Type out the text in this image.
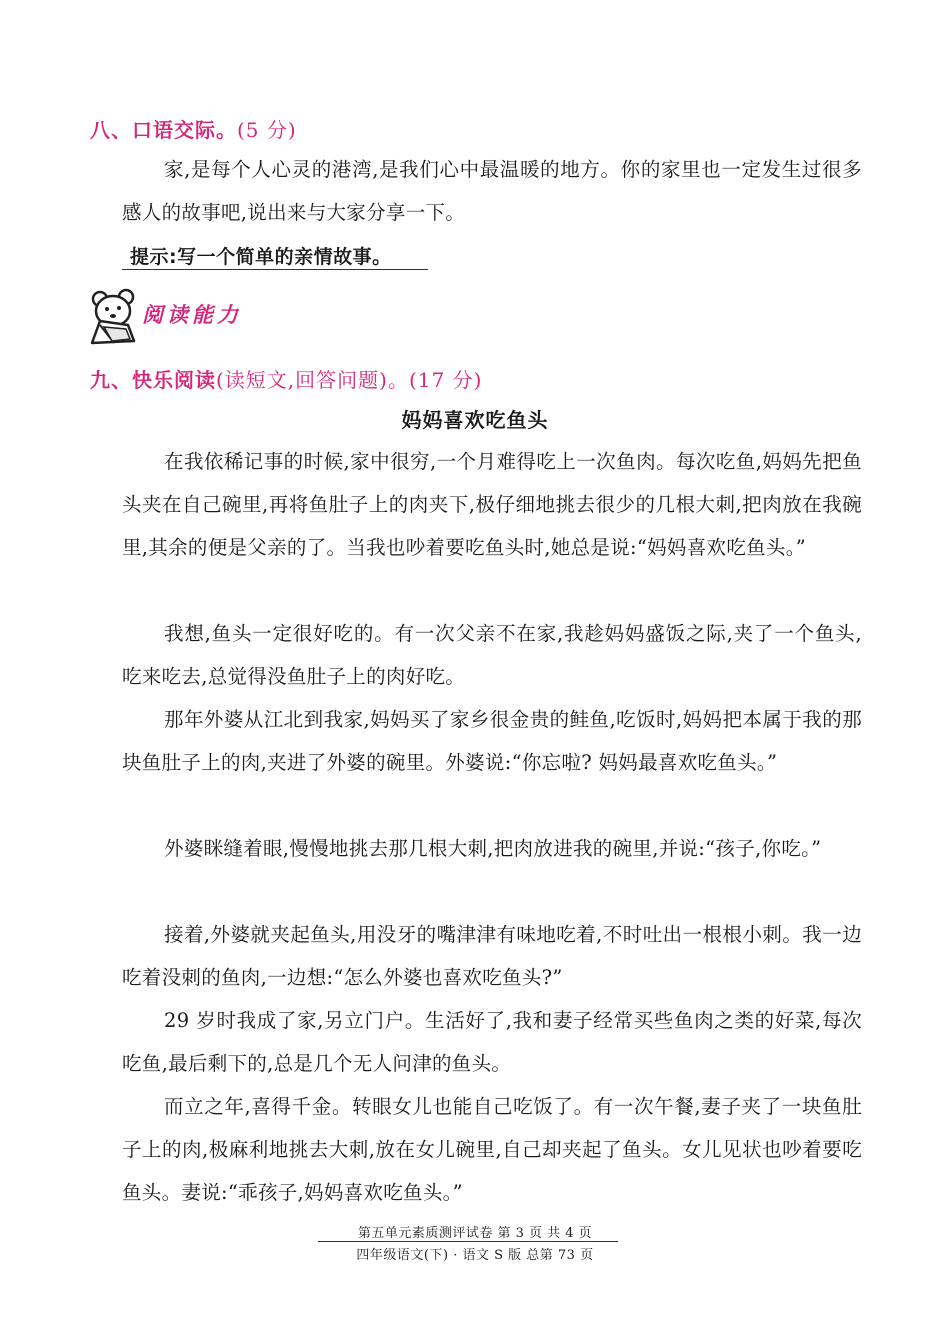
八、口语交际。(5 分)
家,是每个人心灵的港湾,是我们心中最温暖的地方。你的家里也一定发生过很多感人的故事吧,说出来与大家分享一下。
提示:写一个简单的亲情故事。
阅读能力
九、快乐阅读(读短文,回答问题)。(17 分)
妈妈喜欢吃鱼头
在我依稀记事的时候,家中很穷,一个月难得吃上一次鱼肉。每次吃鱼,妈妈先把鱼头夹在自己碗里,再将鱼肚子上的肉夹下,极仔细地挑去很少的几根大刺,把肉放在我碗里,其余的便是父亲的了。当我也吵着要吃鱼头时,她总是说:“妈妈喜欢吃鱼头。”
我想,鱼头一定很好吃的。有一次父亲不在家,我趁妈妈盛饭之际,夹了一个鱼头,吃来吃去,总觉得没鱼肚子上的肉好吃。
那年外婆从江北到我家,妈妈买了家乡很金贵的鲑鱼,吃饭时,妈妈把本属于我的那块鱼肚子上的肉,夹进了外婆的碗里。外婆说:“你忘啦? 妈妈最喜欢吃鱼头。”
外婆眯缝着眼,慢慢地挑去那几根大刺,把肉放进我的碗里,并说:“孩子,你吃。”
接着,外婆就夹起鱼头,用没牙的嘴津津有味地吃着,不时吐出一根根小刺。我一边吃着没刺的鱼肉,一边想:“怎么外婆也喜欢吃鱼头?”
29 岁时我成了家,另立门户。生活好了,我和妻子经常买些鱼肉之类的好菜,每次吃鱼,最后剩下的,总是几个无人问津的鱼头。
而立之年,喜得千金。转眼女儿也能自己吃饭了。有一次午餐,妻子夹了一块鱼肚子上的肉,极麻利地挑去大刺,放在女儿碗里,自己却夹起了鱼头。女儿见状也吵着要吃鱼头。妻说:“乖孩子,妈妈喜欢吃鱼头。”
第五单元素质测评试卷 第 3 页 共 4 页
四年级语文(下) · 语文 S 版 总第 73 页
